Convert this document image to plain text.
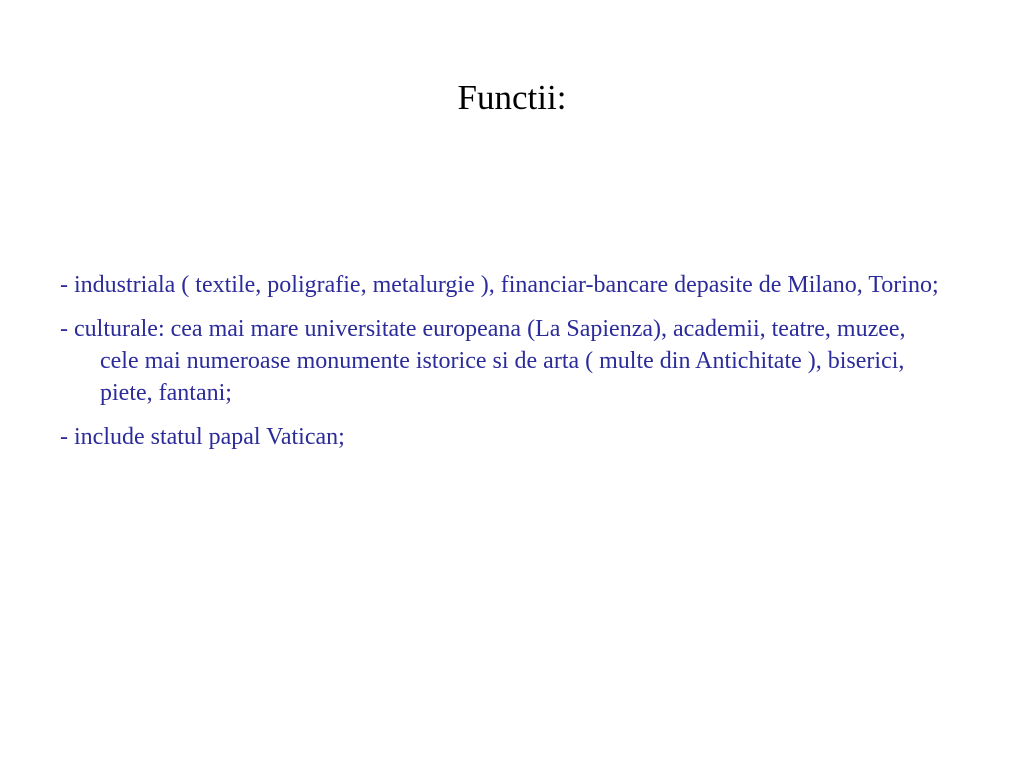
Functii:
- industriala ( textile, poligrafie, metalurgie ), financiar-bancare depasite de Milano, Torino;
- culturale: cea mai mare universitate europeana (La Sapienza), academii, teatre, muzee, cele mai numeroase monumente istorice si de arta ( multe din Antichitate ), biserici, piete, fantani;
- include statul papal Vatican;
